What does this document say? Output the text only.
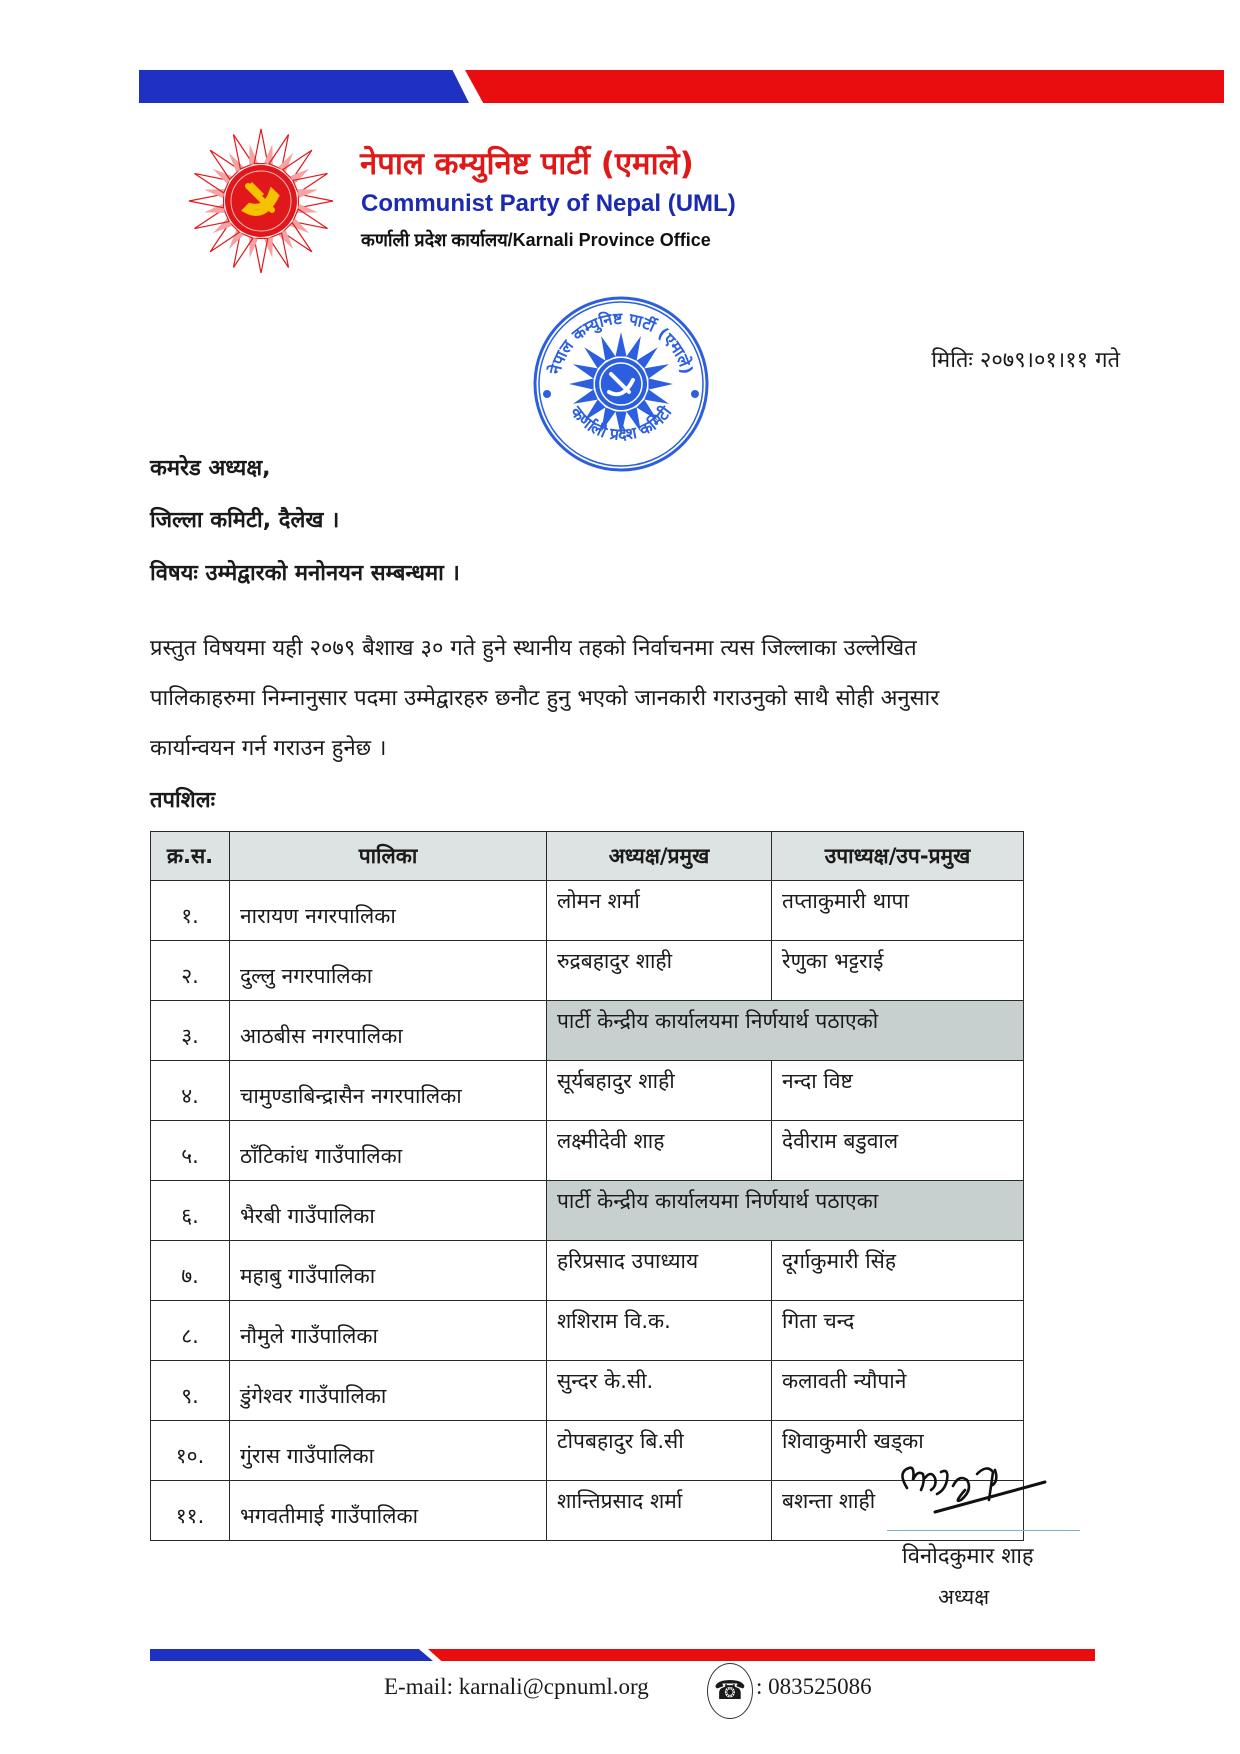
नेपाल कम्युनिष्ट पार्टी (एमाले)
Communist Party of Nepal (UML)
कर्णाली प्रदेश कार्यालय/Karnali Province Office
नेपाल कम्युनिष्ट पार्टी (एमाले)
कर्णाली प्रदेश कमिटी
मितिः २०७९।०१।११ गते
कमरेड अध्यक्ष,
जिल्ला कमिटी, दैलेख ।
विषयः उम्मेद्वारको मनोनयन सम्बन्धमा ।
प्रस्तुत विषयमा यही २०७९ बैशाख ३० गते हुने स्थानीय तहको निर्वाचनमा त्यस जिल्लाका उल्लेखित
पालिकाहरुमा निम्नानुसार पदमा उम्मेद्वारहरु छनौट हुनु भएको जानकारी गराउनुको साथै सोही अनुसार
कार्यान्वयन गर्न गराउन हुनेछ ।
तपशिलः
क्र.स.	पालिका	अध्यक्ष/प्रमुख	उपाध्यक्ष/उप-प्रमुख
१.	नारायण नगरपालिका	लोमन शर्मा	तप्ताकुमारी थापा
२.	दुल्लु नगरपालिका	रुद्रबहादुर शाही	रेणुका भट्टराई
३.	आठबीस नगरपालिका	पार्टी केन्द्रीय कार्यालयमा निर्णयार्थ पठाएको	
४.	चामुण्डाबिन्द्रासैन नगरपालिका	सूर्यबहादुर शाही	नन्दा विष्ट
५.	ठाँटिकांध गाउँपालिका	लक्ष्मीदेवी शाह	देवीराम बडुवाल
६.	भैरबी गाउँपालिका	पार्टी केन्द्रीय कार्यालयमा निर्णयार्थ पठाएका	
७.	महाबु गाउँपालिका	हरिप्रसाद उपाध्याय	दूर्गाकुमारी सिंह
८.	नौमुले गाउँपालिका	शशिराम वि.क.	गिता चन्द
९.	डुंगेश्वर गाउँपालिका	सुन्दर के.सी.	कलावती न्यौपाने
१०.	गुंरास गाउँपालिका	टोपबहादुर बि.सी	शिवाकुमारी खड्का
११.	भगवतीमाई गाउँपालिका	शान्तिप्रसाद शर्मा	बशन्ता शाही
विनोदकुमार शाह
अध्यक्ष
E-mail: karnali@cpnuml.org	☎ : 083525086
